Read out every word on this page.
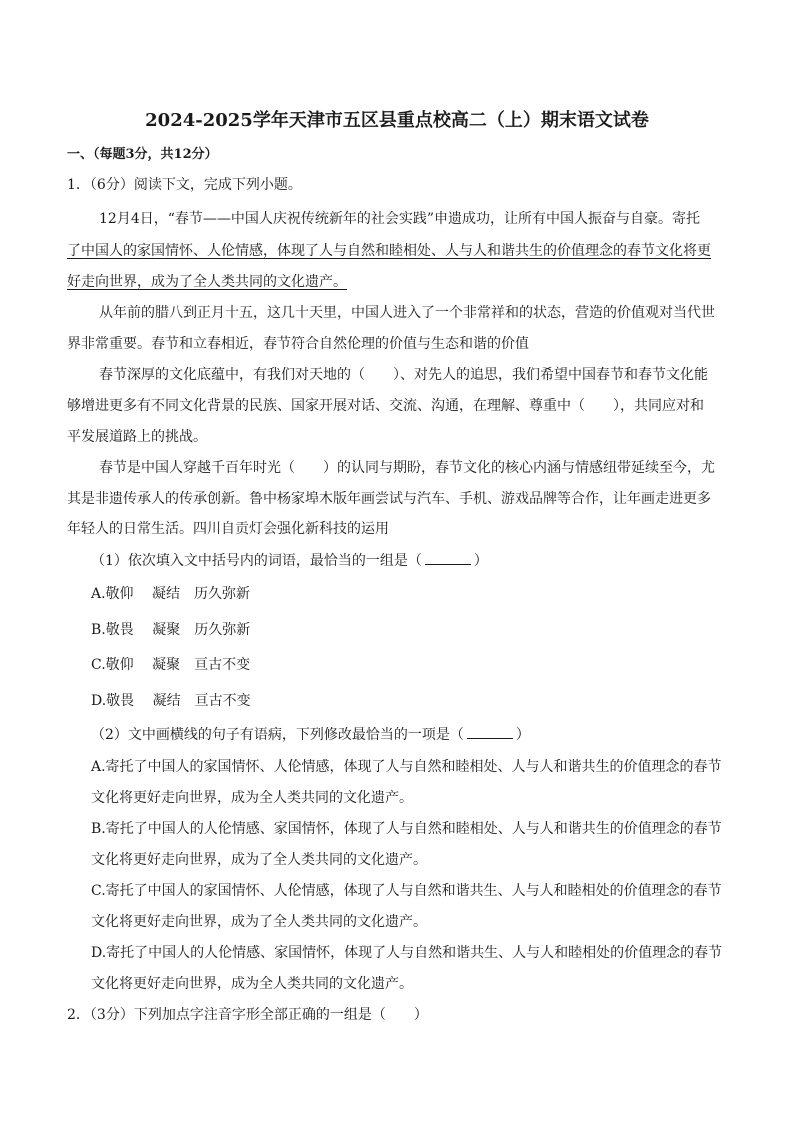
2024-2025学年天津市五区县重点校高二（上）期末语文试卷
一、（每题3分，共12分）
1．（6分）阅读下文，完成下列小题。
12月4日，“春节——中国人庆祝传统新年的社会实践”申遗成功，让所有中国人振奋与自豪。寄托
了中国人的家国情怀、人伦情感，体现了人与自然和睦相处、人与人和谐共生的价值理念的春节文化将更
好走向世界，成为了全人类共同的文化遗产。
从年前的腊八到正月十五，这几十天里，中国人进入了一个非常祥和的状态，营造的价值观对当代世
界非常重要。春节和立春相近，春节符合自然伦理的价值与生态和谐的价值
春节深厚的文化底蕴中，有我们对天地的（　　）、对先人的追思，我们希望中国春节和春节文化能
够增进更多有不同文化背景的民族、国家开展对话、交流、沟通，在理解、尊重中（　　），共同应对和
平发展道路上的挑战。
春节是中国人穿越千百年时光（　　）的认同与期盼，春节文化的核心内涵与情感纽带延续至今，尤
其是非遗传承人的传承创新。鲁中杨家埠木版年画尝试与汽车、手机、游戏品牌等合作，让年画走进更多
年轻人的日常生活。四川自贡灯会强化新科技的运用
（1）依次填入文中括号内的词语，最恰当的一组是（	）
A.敬仰　 凝结　历久弥新
B.敬畏　 凝聚　历久弥新
C.敬仰　 凝聚　亘古不变
D.敬畏　 凝结　亘古不变
（2）文中画横线的句子有语病，下列修改最恰当的一项是（	）
A.寄托了中国人的家国情怀、人伦情感，体现了人与自然和睦相处、人与人和谐共生的价值理念的春节
文化将更好走向世界，成为全人类共同的文化遗产。
B.寄托了中国人的人伦情感、家国情怀，体现了人与自然和睦相处、人与人和谐共生的价值理念的春节
文化将更好走向世界，成为了全人类共同的文化遗产。
C.寄托了中国人的家国情怀、人伦情感，体现了人与自然和谐共生、人与人和睦相处的价值理念的春节
文化将更好走向世界，成为了全人类共同的文化遗产。
D.寄托了中国人的人伦情感、家国情怀，体现了人与自然和谐共生、人与人和睦相处的价值理念的春节
文化将更好走向世界，成为全人类共同的文化遗产。
2．（3分）下列加点字注音字形全部正确的一组是（　　）
